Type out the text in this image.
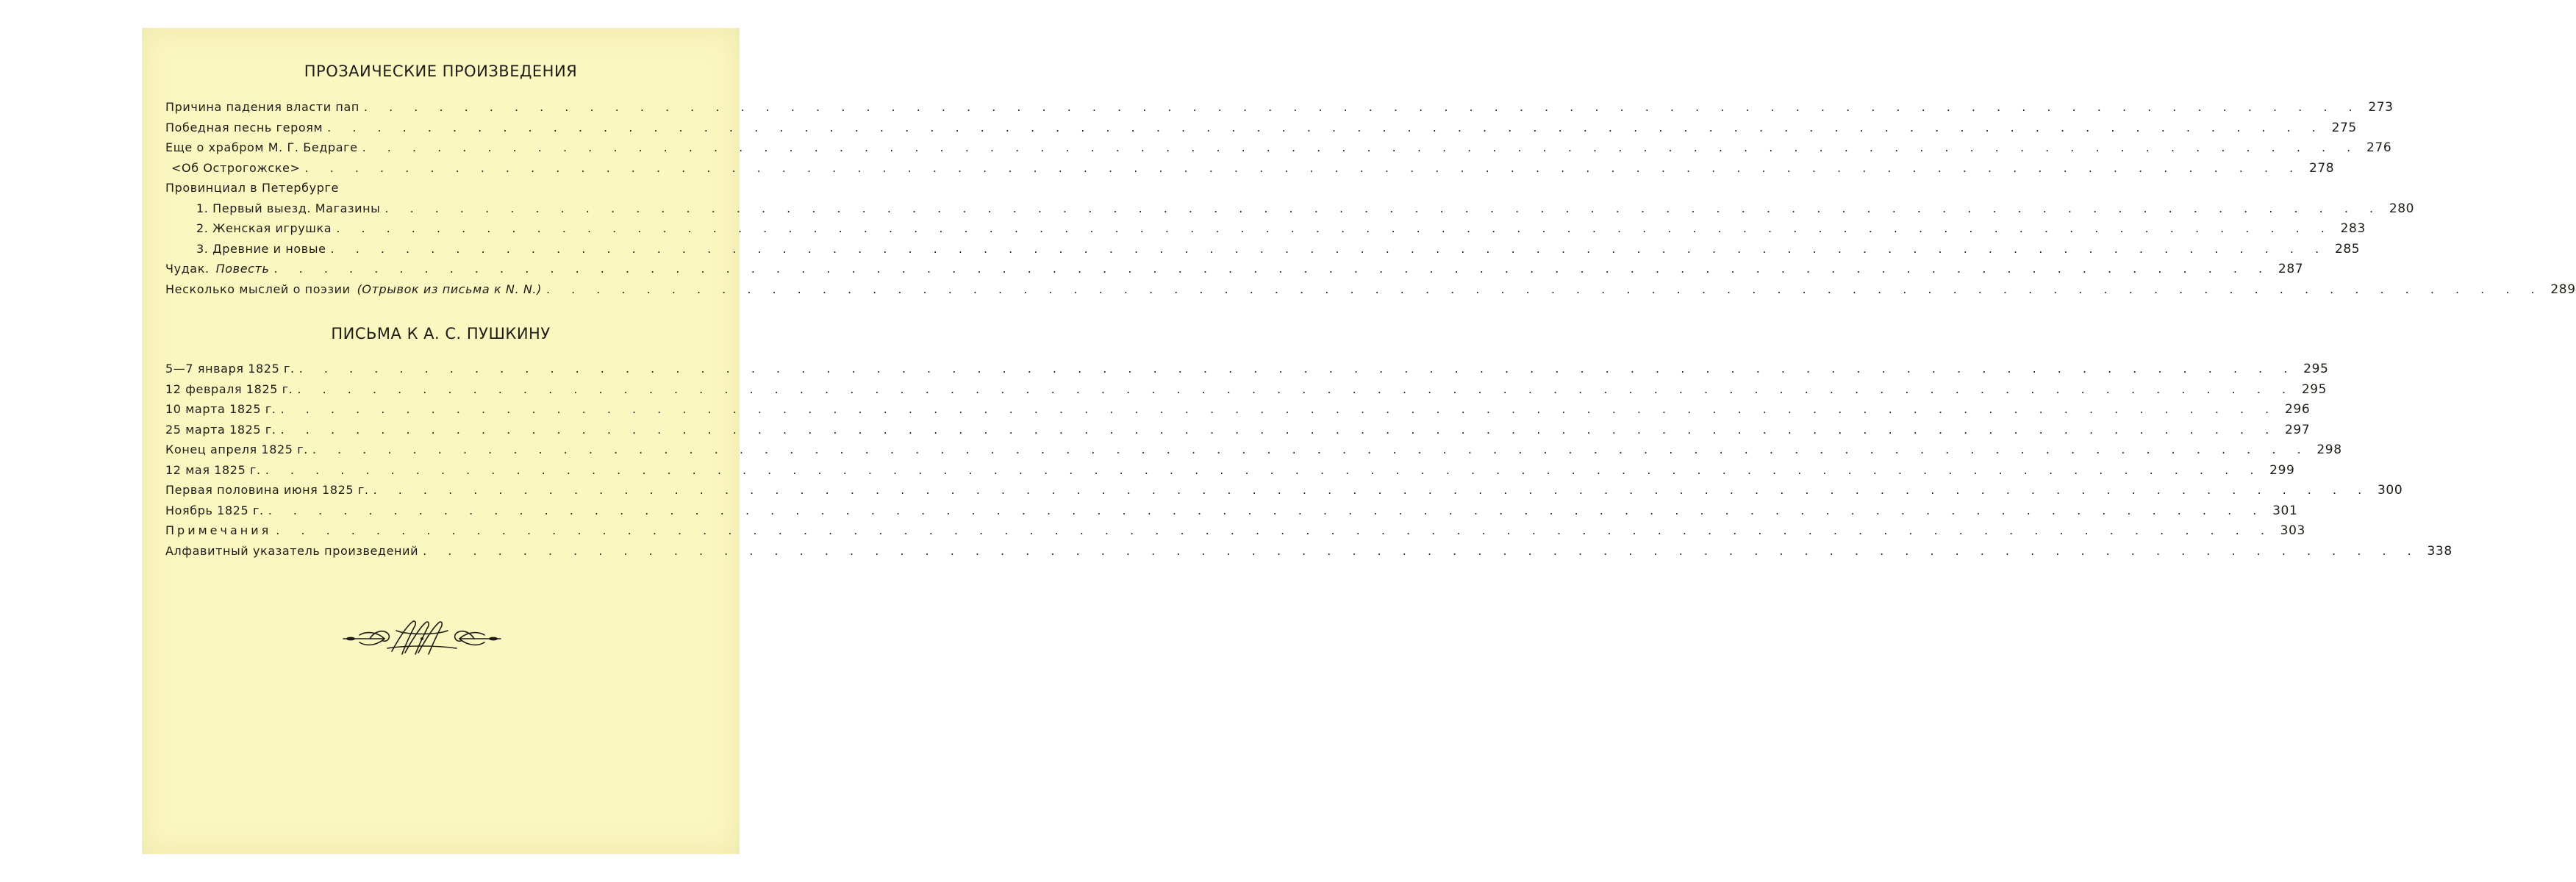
ПРОЗАИЧЕСКИЕ ПРОИЗВЕДЕНИЯ
Причина падения власти пап . . . . . . . . . . . . . . . . . . . . . . . . . . . . . . . . . . . . . . . . . . . . . . . . . . . . . . . . . . . . . . . . . . . . . . . . . . . . . . . . 273
Победная песнь героям . . . . . . . . . . . . . . . . . . . . . . . . . . . . . . . . . . . . . . . . . . . . . . . . . . . . . . . . . . . . . . . . . . . . . . . . . . . . . . . . 275
Еще о храбром М. Г. Бедраге . . . . . . . . . . . . . . . . . . . . . . . . . . . . . . . . . . . . . . . . . . . . . . . . . . . . . . . . . . . . . . . . . . . . . . . . . . . . . . . . 276
<Об Острогожске> . . . . . . . . . . . . . . . . . . . . . . . . . . . . . . . . . . . . . . . . . . . . . . . . . . . . . . . . . . . . . . . . . . . . . . . . . . . . . . . . 278
Провинциал в Петербурге
1. Первый выезд. Магазины . . . . . . . . . . . . . . . . . . . . . . . . . . . . . . . . . . . . . . . . . . . . . . . . . . . . . . . . . . . . . . . . . . . . . . . . . . . . . . . . 280
2. Женская игрушка . . . . . . . . . . . . . . . . . . . . . . . . . . . . . . . . . . . . . . . . . . . . . . . . . . . . . . . . . . . . . . . . . . . . . . . . . . . . . . . . 283
3. Древние и новые . . . . . . . . . . . . . . . . . . . . . . . . . . . . . . . . . . . . . . . . . . . . . . . . . . . . . . . . . . . . . . . . . . . . . . . . . . . . . . . . 285
Чудак. Повесть . . . . . . . . . . . . . . . . . . . . . . . . . . . . . . . . . . . . . . . . . . . . . . . . . . . . . . . . . . . . . . . . . . . . . . . . . . . . . . . . 287
Несколько мыслей о поэзии (Отрывок из письма к N. N.) . . . . . . . . . . . . . . . . . . . . . . . . . . . . . . . . . . . . . . . . . . . . . . . . . . . . . . . . . . . . . . . . . . . . . . . . . . . . . . . . 289
ПИСЬМА К А. С. ПУШКИНУ
5—7 января 1825 г. . . . . . . . . . . . . . . . . . . . . . . . . . . . . . . . . . . . . . . . . . . . . . . . . . . . . . . . . . . . . . . . . . . . . . . . . . . . . . . . . 295
12 февраля 1825 г. . . . . . . . . . . . . . . . . . . . . . . . . . . . . . . . . . . . . . . . . . . . . . . . . . . . . . . . . . . . . . . . . . . . . . . . . . . . . . . . . 295
10 марта 1825 г. . . . . . . . . . . . . . . . . . . . . . . . . . . . . . . . . . . . . . . . . . . . . . . . . . . . . . . . . . . . . . . . . . . . . . . . . . . . . . . . . 296
25 марта 1825 г. . . . . . . . . . . . . . . . . . . . . . . . . . . . . . . . . . . . . . . . . . . . . . . . . . . . . . . . . . . . . . . . . . . . . . . . . . . . . . . . . 297
Конец апреля 1825 г. . . . . . . . . . . . . . . . . . . . . . . . . . . . . . . . . . . . . . . . . . . . . . . . . . . . . . . . . . . . . . . . . . . . . . . . . . . . . . . . . 298
12 мая 1825 г. . . . . . . . . . . . . . . . . . . . . . . . . . . . . . . . . . . . . . . . . . . . . . . . . . . . . . . . . . . . . . . . . . . . . . . . . . . . . . . . . 299
Первая половина июня 1825 г. . . . . . . . . . . . . . . . . . . . . . . . . . . . . . . . . . . . . . . . . . . . . . . . . . . . . . . . . . . . . . . . . . . . . . . . . . . . . . . . . 300
Ноябрь 1825 г. . . . . . . . . . . . . . . . . . . . . . . . . . . . . . . . . . . . . . . . . . . . . . . . . . . . . . . . . . . . . . . . . . . . . . . . . . . . . . . . . 301
Примечания . . . . . . . . . . . . . . . . . . . . . . . . . . . . . . . . . . . . . . . . . . . . . . . . . . . . . . . . . . . . . . . . . . . . . . . . . . . . . . . . 303
Алфавитный указатель произведений . . . . . . . . . . . . . . . . . . . . . . . . . . . . . . . . . . . . . . . . . . . . . . . . . . . . . . . . . . . . . . . . . . . . . . . . . . . . . . . . 338
